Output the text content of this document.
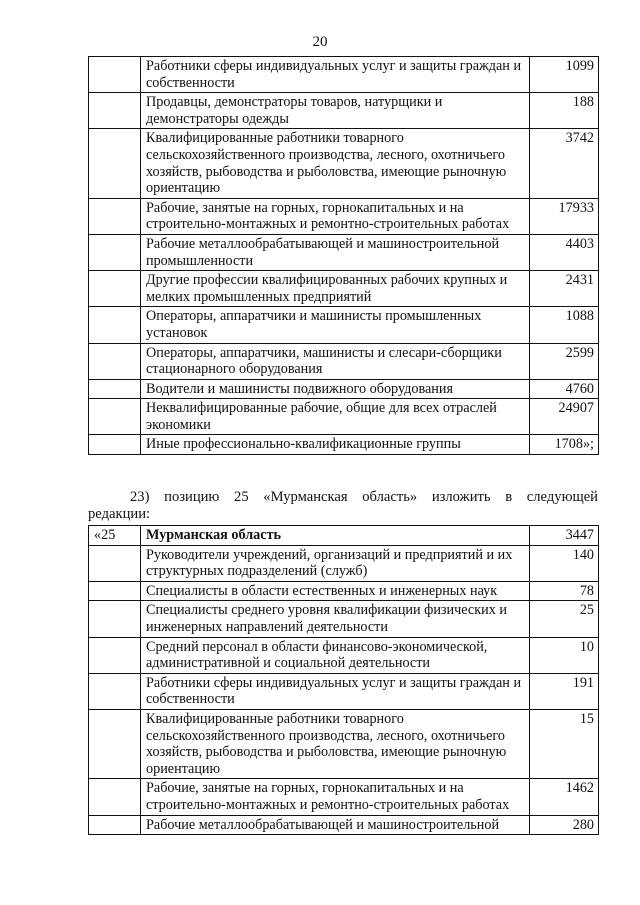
20
	Работники сферы индивидуальных услуг и защиты граждан и собственности	1099
	Продавцы, демонстраторы товаров, натурщики и демонстраторы одежды	188
	Квалифицированные работники товарного сельскохозяйственного производства, лесного, охотничьего хозяйств, рыбоводства и рыболовства, имеющие рыночную ориентацию	3742
	Рабочие, занятые на горных, горнокапитальных и на строительно-монтажных и ремонтно-строительных работах	17933
	Рабочие металлообрабатывающей и машиностроительной промышленности	4403
	Другие профессии квалифицированных рабочих крупных и мелких промышленных предприятий	2431
	Операторы, аппаратчики и машинисты промышленных установок	1088
	Операторы, аппаратчики, машинисты и слесари-сборщики стационарного оборудования	2599
	Водители и машинисты подвижного оборудования	4760
	Неквалифицированные рабочие, общие для всех отраслей экономики	24907
	Иные профессионально-квалификационные группы	1708»;
23) позицию 25 «Мурманская область» изложить в следующей
редакции:
«25	Мурманская область	3447
	Руководители учреждений, организаций и предприятий и их структурных подразделений (служб)	140
	Специалисты в области естественных и инженерных наук	78
	Специалисты среднего уровня квалификации физических и инженерных направлений деятельности	25
	Средний персонал в области финансово-экономической, административной и социальной деятельности	10
	Работники сферы индивидуальных услуг и защиты граждан и собственности	191
	Квалифицированные работники товарного сельскохозяйственного производства, лесного, охотничьего хозяйств, рыбоводства и рыболовства, имеющие рыночную ориентацию	15
	Рабочие, занятые на горных, горнокапитальных и на строительно-монтажных и ремонтно-строительных работах	1462
	Рабочие металлообрабатывающей и машиностроительной	280
